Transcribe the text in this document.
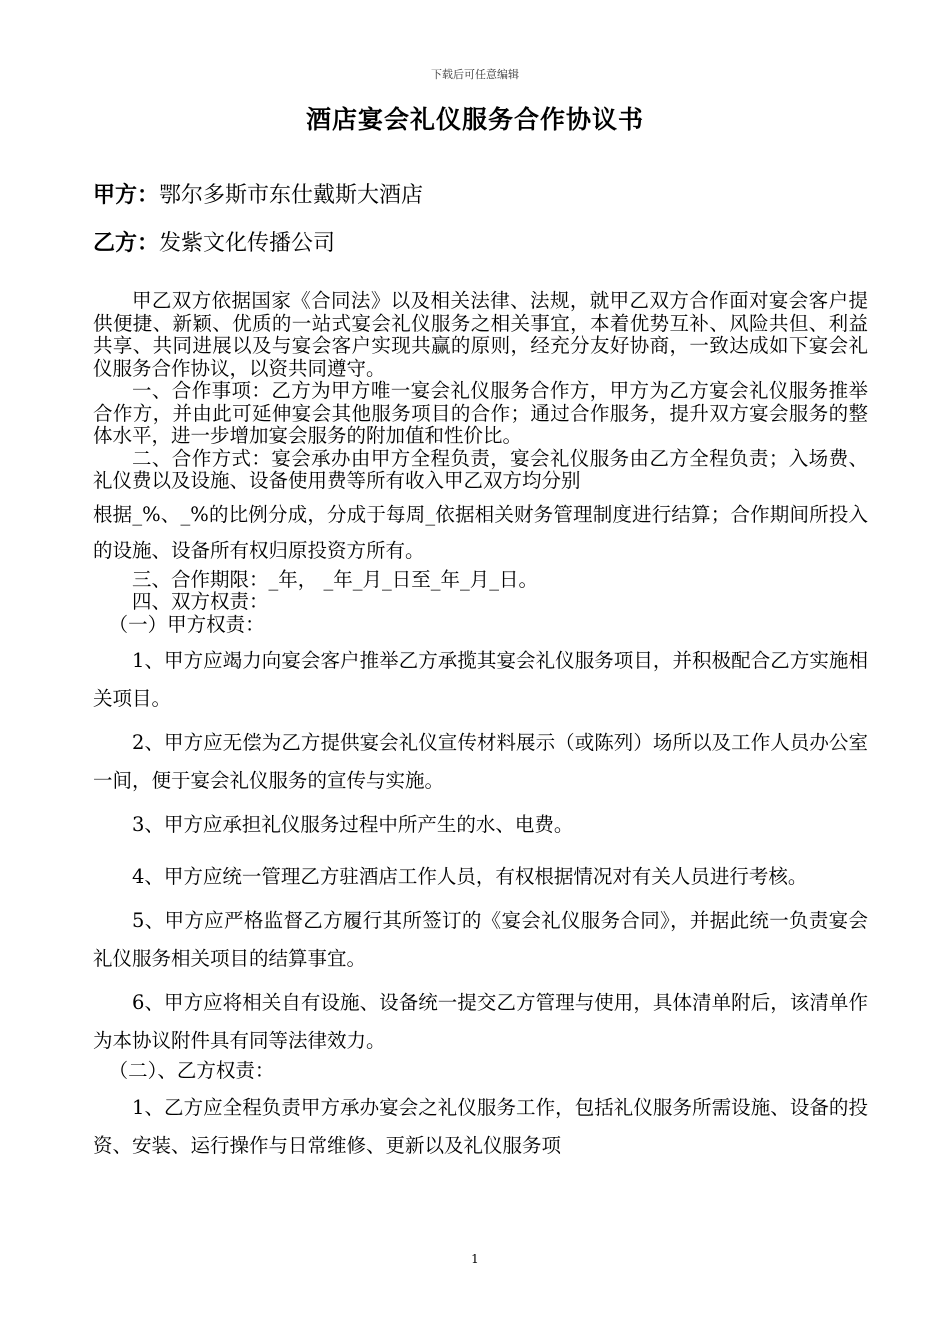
下载后可任意编辑
酒店宴会礼仪服务合作协议书
甲方：鄂尔多斯市东仕戴斯大酒店
乙方：发紫文化传播公司

甲乙双方依据国家《合同法》以及相关法律、法规，就甲乙双方合作面对宴会客户提供便捷、新颖、优质的一站式宴会礼仪服务之相关事宜，本着优势互补、风险共但、利益共享、共同进展以及与宴会客户实现共赢的原则，经充分友好协商，一致达成如下宴会礼仪服务合作协议，以资共同遵守。

一、合作事项：乙方为甲方唯一宴会礼仪服务合作方，甲方为乙方宴会礼仪服务推举合作方，并由此可延伸宴会其他服务项目的合作；通过合作服务，提升双方宴会服务的整体水平，进一步增加宴会服务的附加值和性价比。

二、合作方式：宴会承办由甲方全程负责，宴会礼仪服务由乙方全程负责；入场费、礼仪费以及设施、设备使用费等所有收入甲乙双方均分别

根据_%、_%的比例分成，分成于每周_依据相关财务管理制度进行结算；合作期间所投入的设施、设备所有权归原投资方所有。

三、合作期限：_年， _年_月_日至_年_月_日。

四、双方权责：

（一）甲方权责：

1、甲方应竭力向宴会客户推举乙方承揽其宴会礼仪服务项目，并积极配合乙方实施相关项目。

2、甲方应无偿为乙方提供宴会礼仪宣传材料展示（或陈列）场所以及工作人员办公室一间，便于宴会礼仪服务的宣传与实施。

3、甲方应承担礼仪服务过程中所产生的水、电费。

4、甲方应统一管理乙方驻酒店工作人员，有权根据情况对有关人员进行考核。

5、甲方应严格监督乙方履行其所签订的《宴会礼仪服务合同》，并据此统一负责宴会礼仪服务相关项目的结算事宜。

6、甲方应将相关自有设施、设备统一提交乙方管理与使用，具体清单附后，该清单作为本协议附件具有同等法律效力。

（二）、乙方权责：

1、乙方应全程负责甲方承办宴会之礼仪服务工作，包括礼仪服务所需设施、设备的投资、安装、运行操作与日常维修、更新以及礼仪服务项

1
